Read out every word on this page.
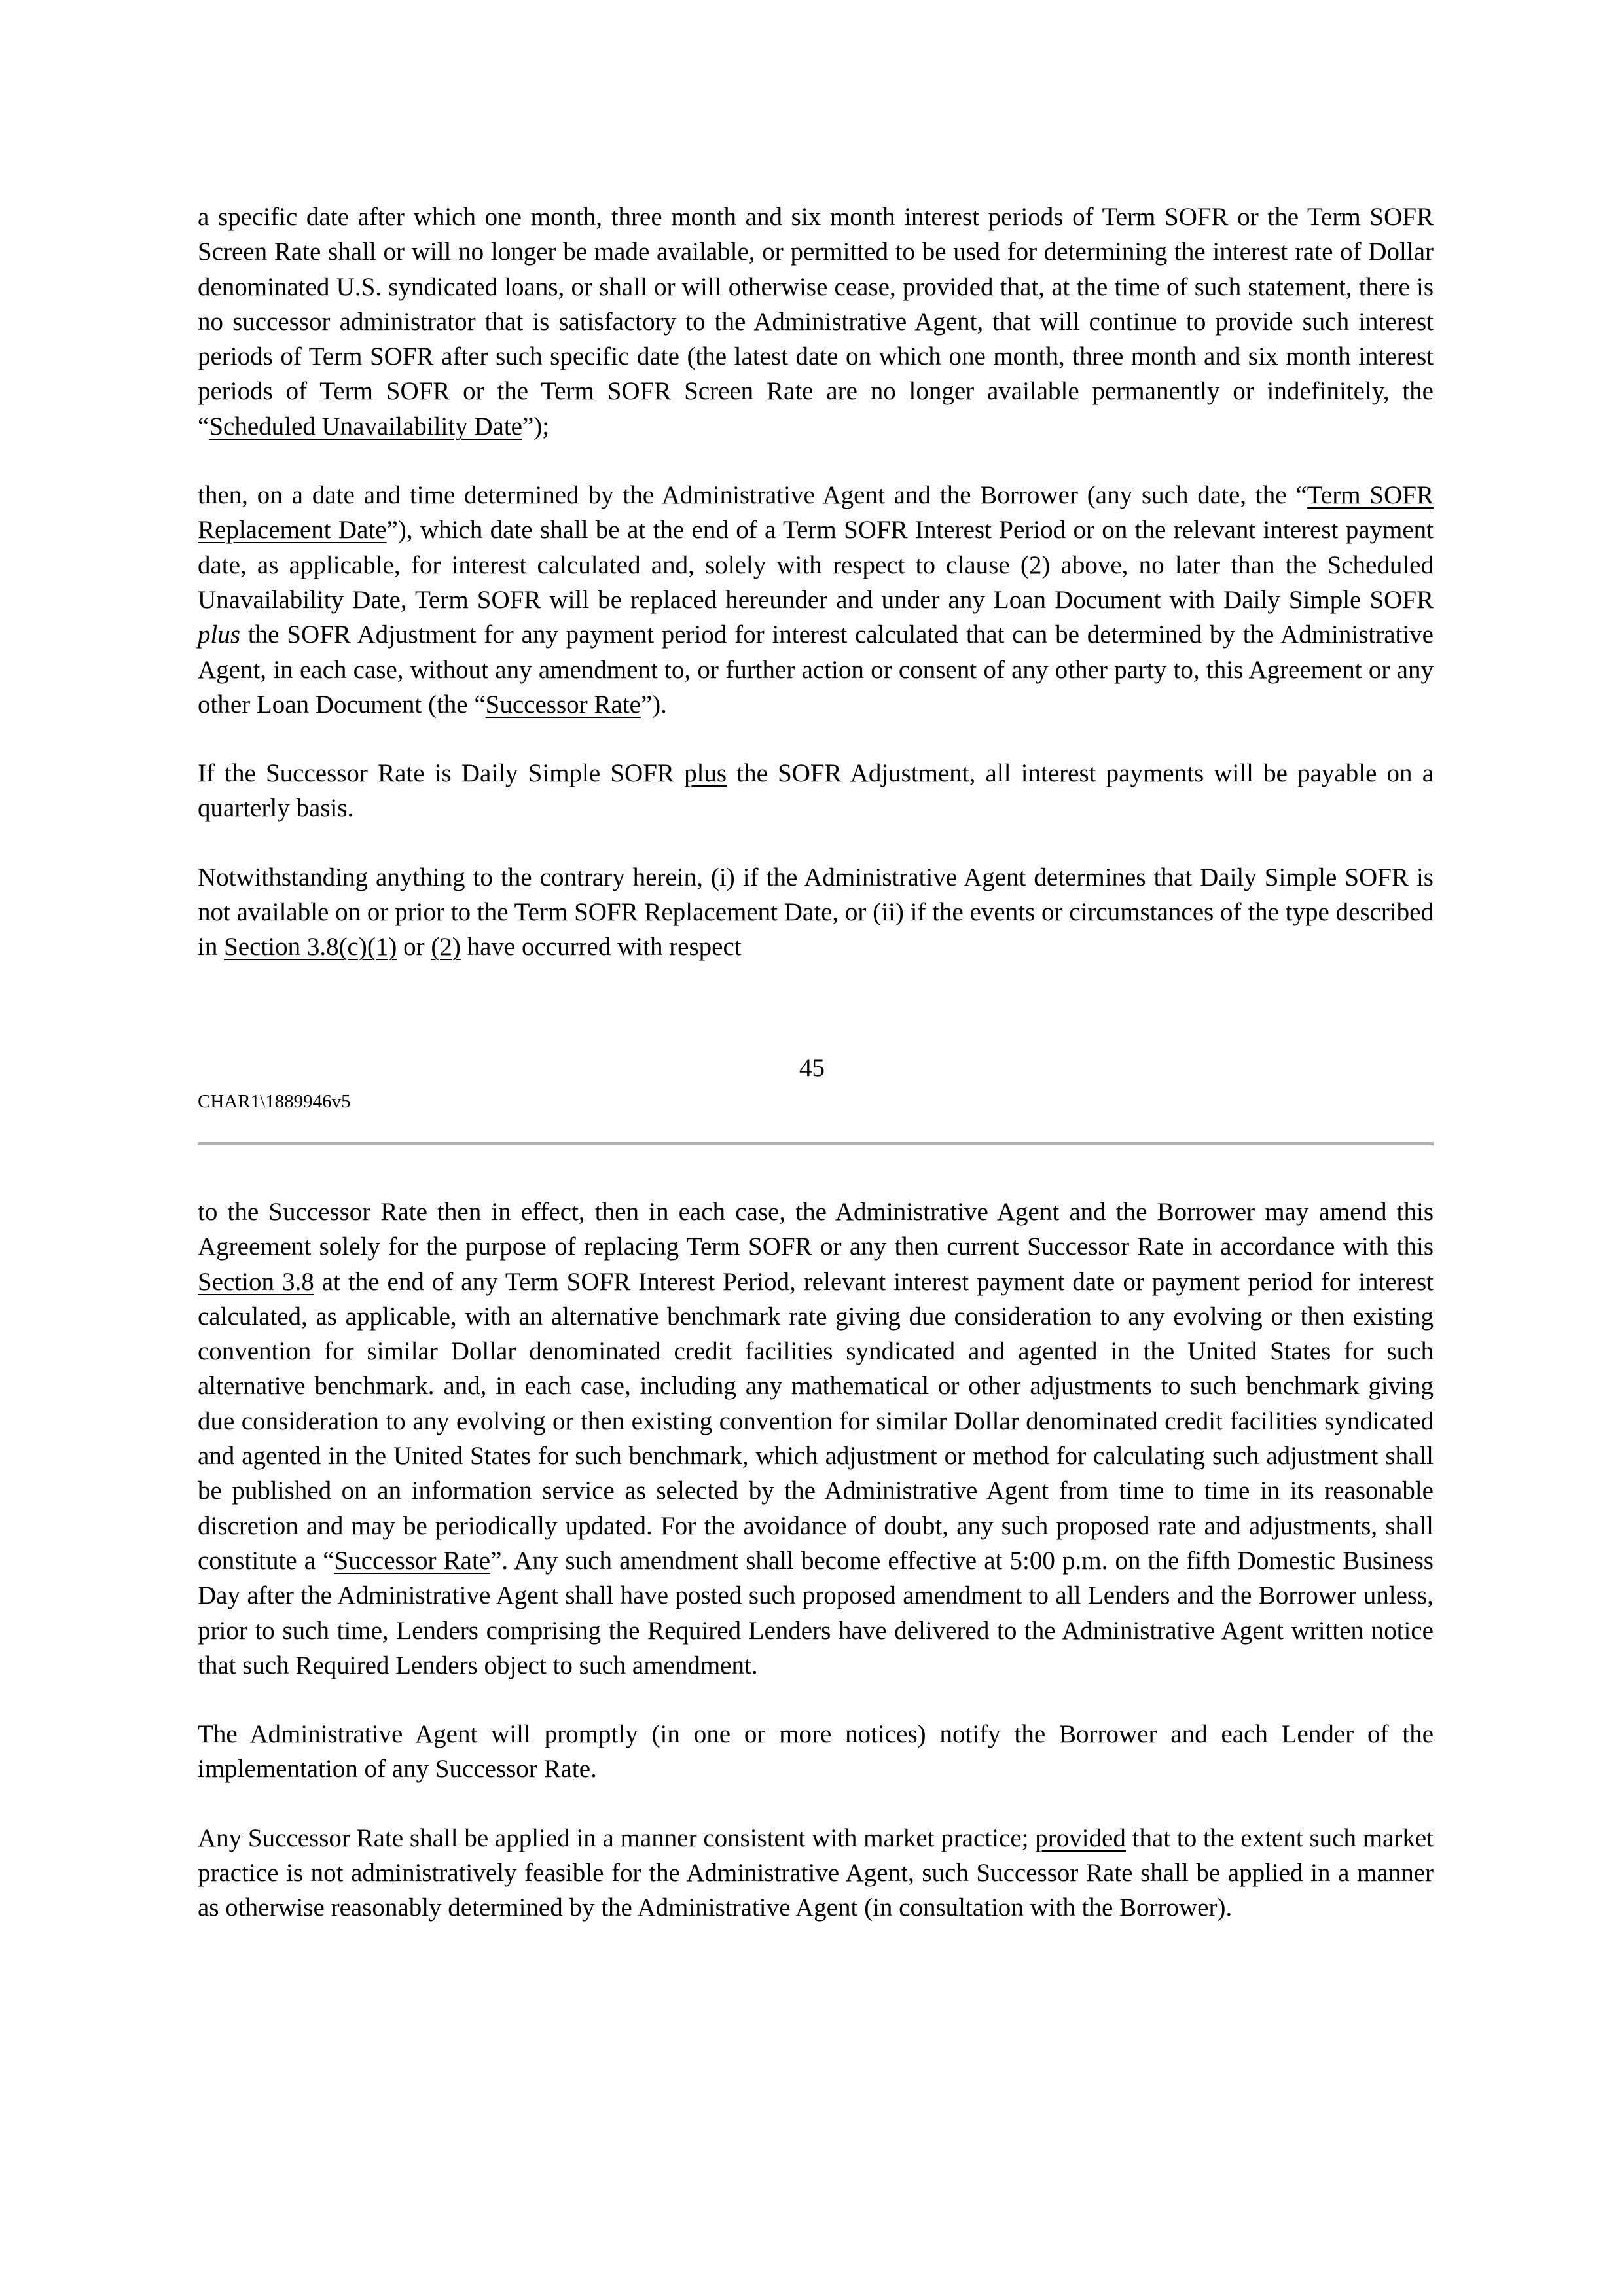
a specific date after which one month, three month and six month interest periods of Term SOFR or the Term SOFR Screen Rate shall or will no longer be made available, or permitted to be used for determining the interest rate of Dollar denominated U.S. syndicated loans, or shall or will otherwise cease, provided that, at the time of such statement, there is no successor administrator that is satisfactory to the Administrative Agent, that will continue to provide such interest periods of Term SOFR after such specific date (the latest date on which one month, three month and six month interest periods of Term SOFR or the Term SOFR Screen Rate are no longer available permanently or indefinitely, the “Scheduled Unavailability Date”);

then, on a date and time determined by the Administrative Agent and the Borrower (any such date, the “Term SOFR Replacement Date”), which date shall be at the end of a Term SOFR Interest Period or on the relevant interest payment date, as applicable, for interest calculated and, solely with respect to clause (2) above, no later than the Scheduled Unavailability Date, Term SOFR will be replaced hereunder and under any Loan Document with Daily Simple SOFR plus the SOFR Adjustment for any payment period for interest calculated that can be determined by the Administrative Agent, in each case, without any amendment to, or further action or consent of any other party to, this Agreement or any other Loan Document (the “Successor Rate”).

If the Successor Rate is Daily Simple SOFR plus the SOFR Adjustment, all interest payments will be payable on a quarterly basis.

Notwithstanding anything to the contrary herein, (i) if the Administrative Agent determines that Daily Simple SOFR is not available on or prior to the Term SOFR Replacement Date, or (ii) if the events or circumstances of the type described in Section 3.8(c)(1) or (2) have occurred with respect

45
CHAR1\1889946v5

to the Successor Rate then in effect, then in each case, the Administrative Agent and the Borrower may amend this Agreement solely for the purpose of replacing Term SOFR or any then current Successor Rate in accordance with this Section 3.8 at the end of any Term SOFR Interest Period, relevant interest payment date or payment period for interest calculated, as applicable, with an alternative benchmark rate giving due consideration to any evolving or then existing convention for similar Dollar denominated credit facilities syndicated and agented in the United States for such alternative benchmark. and, in each case, including any mathematical or other adjustments to such benchmark giving due consideration to any evolving or then existing convention for similar Dollar denominated credit facilities syndicated and agented in the United States for such benchmark, which adjustment or method for calculating such adjustment shall be published on an information service as selected by the Administrative Agent from time to time in its reasonable discretion and may be periodically updated. For the avoidance of doubt, any such proposed rate and adjustments, shall constitute a “Successor Rate”. Any such amendment shall become effective at 5:00 p.m. on the fifth Domestic Business Day after the Administrative Agent shall have posted such proposed amendment to all Lenders and the Borrower unless, prior to such time, Lenders comprising the Required Lenders have delivered to the Administrative Agent written notice that such Required Lenders object to such amendment.

The Administrative Agent will promptly (in one or more notices) notify the Borrower and each Lender of the implementation of any Successor Rate.

Any Successor Rate shall be applied in a manner consistent with market practice; provided that to the extent such market practice is not administratively feasible for the Administrative Agent, such Successor Rate shall be applied in a manner as otherwise reasonably determined by the Administrative Agent (in consultation with the Borrower).
